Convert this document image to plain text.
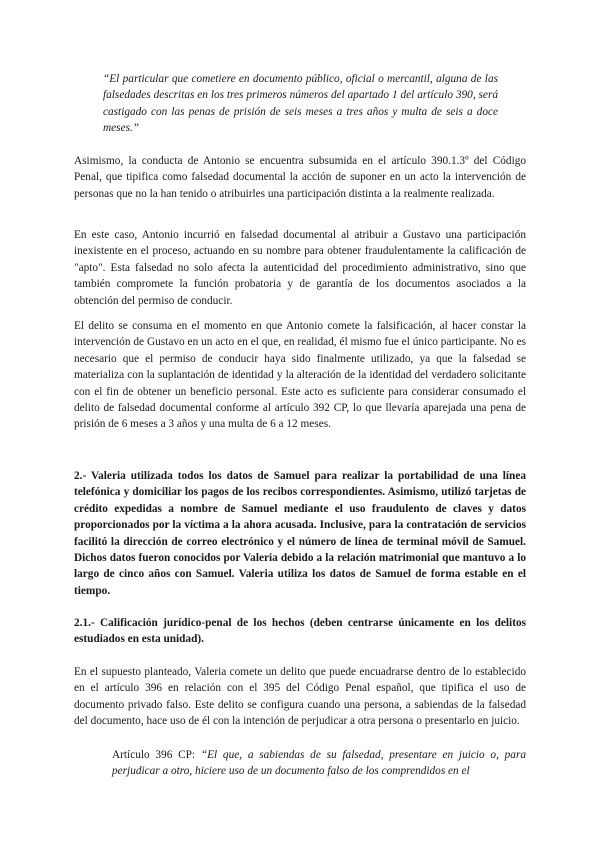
“El particular que cometiere en documento público, oficial o mercantil, alguna de las falsedades descritas en los tres primeros números del apartado 1 del artículo 390, será castigado con las penas de prisión de seis meses a tres años y multa de seis a doce meses.”

Asimismo, la conducta de Antonio se encuentra subsumida en el artículo 390.1.3º del Código Penal, que tipifica como falsedad documental la acción de suponer en un acto la intervención de personas que no la han tenido o atribuirles una participación distinta a la realmente realizada.

En este caso, Antonio incurrió en falsedad documental al atribuir a Gustavo una participación inexistente en el proceso, actuando en su nombre para obtener fraudulentamente la calificación de "apto". Esta falsedad no solo afecta la autenticidad del procedimiento administrativo, sino que también compromete la función probatoria y de garantía de los documentos asociados a la obtención del permiso de conducir.

El delito se consuma en el momento en que Antonio comete la falsificación, al hacer constar la intervención de Gustavo en un acto en el que, en realidad, él mismo fue el único participante. No es necesario que el permiso de conducir haya sido finalmente utilizado, ya que la falsedad se materializa con la suplantación de identidad y la alteración de la identidad del verdadero solicitante con el fin de obtener un beneficio personal. Este acto es suficiente para considerar consumado el delito de falsedad documental conforme al artículo 392 CP, lo que llevaría aparejada una pena de prisión de 6 meses a 3 años y una multa de 6 a 12 meses.

2.- Valeria utilizada todos los datos de Samuel para realizar la portabilidad de una línea telefónica y domiciliar los pagos de los recibos correspondientes. Asimismo, utilizó tarjetas de crédito expedidas a nombre de Samuel mediante el uso fraudulento de claves y datos proporcionados por la víctima a la ahora acusada. Inclusive, para la contratación de servicios facilitó la dirección de correo electrónico y el número de línea de terminal móvil de Samuel. Dichos datos fueron conocidos por Valeria debido a la relación matrimonial que mantuvo a lo largo de cinco años con Samuel. Valeria utiliza los datos de Samuel de forma estable en el tiempo.

2.1.- Calificación jurídico-penal de los hechos (deben centrarse únicamente en los delitos estudiados en esta unidad).

En el supuesto planteado, Valeria comete un delito que puede encuadrarse dentro de lo establecido en el artículo 396 en relación con el 395 del Código Penal español, que tipifica el uso de documento privado falso. Este delito se configura cuando una persona, a sabiendas de la falsedad del documento, hace uso de él con la intención de perjudicar a otra persona o presentarlo en juicio.

Artículo 396 CP: “El que, a sabiendas de su falsedad, presentare en juicio o, para perjudicar a otro, hiciere uso de un documento falso de los comprendidos en el
